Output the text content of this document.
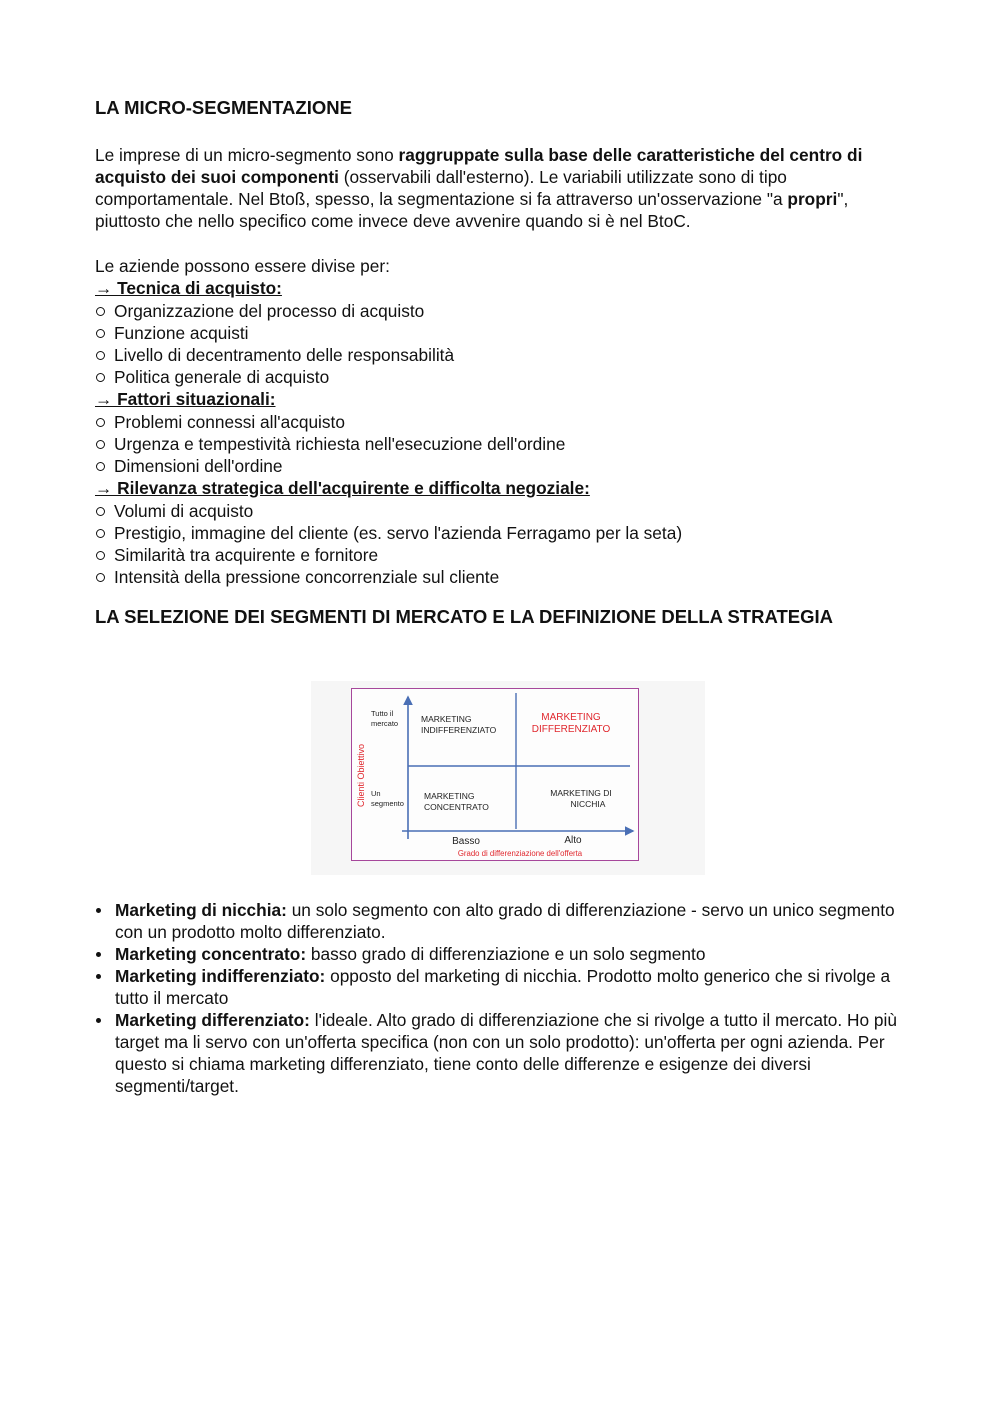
LA MICRO-SEGMENTAZIONE

Le imprese di un micro-segmento sono raggruppate sulla base delle caratteristiche del centro di acquisto dei suoi componenti (osservabili dall'esterno). Le variabili utilizzate sono di tipo comportamentale. Nel Btoß, spesso, la segmentazione si fa attraverso un'osservazione "a propri", piuttosto che nello specifico come invece deve avvenire quando si è nel BtoC.

Le aziende possono essere divise per:

→ Tecnica di acquisto:
Organizzazione del processo di acquisto
Funzione acquisti
Livello di decentramento delle responsabilità
Politica generale di acquisto
→ Fattori situazionali:
Problemi connessi all'acquisto
Urgenza e tempestività richiesta nell'esecuzione dell'ordine
Dimensioni dell'ordine
→ Rilevanza strategica dell'acquirente e difficolta negoziale:
Volumi di acquisto
Prestigio, immagine del cliente (es. servo l'azienda Ferragamo per la seta)
Similarità tra acquirente e fornitore
Intensità della pressione concorrenziale sul cliente
LA SELEZIONE DEI SEGMENTI DI MERCATO E LA DEFINIZIONE DELLA STRATEGIA
Clienti Obiettivo
Tutto il
mercato
Un
segmento
MARKETING
INDIFFERENZIATO
MARKETING
DIFFERENZIATO
MARKETING
CONCENTRATO
MARKETING DI
NICCHIA
Basso	Alto
Grado di differenziazione dell'offerta
Marketing di nicchia: un solo segmento con alto grado di differenziazione - servo un unico segmento con un prodotto molto differenziato.
Marketing concentrato: basso grado di differenziazione e un solo segmento
Marketing indifferenziato: opposto del marketing di nicchia. Prodotto molto generico che si rivolge a tutto il mercato
Marketing differenziato: l'ideale. Alto grado di differenziazione che si rivolge a tutto il mercato. Ho più target ma li servo con un'offerta specifica (non con un solo prodotto): un'offerta per ogni azienda. Per questo si chiama marketing differenziato, tiene conto delle differenze e esigenze dei diversi segmenti/target.
